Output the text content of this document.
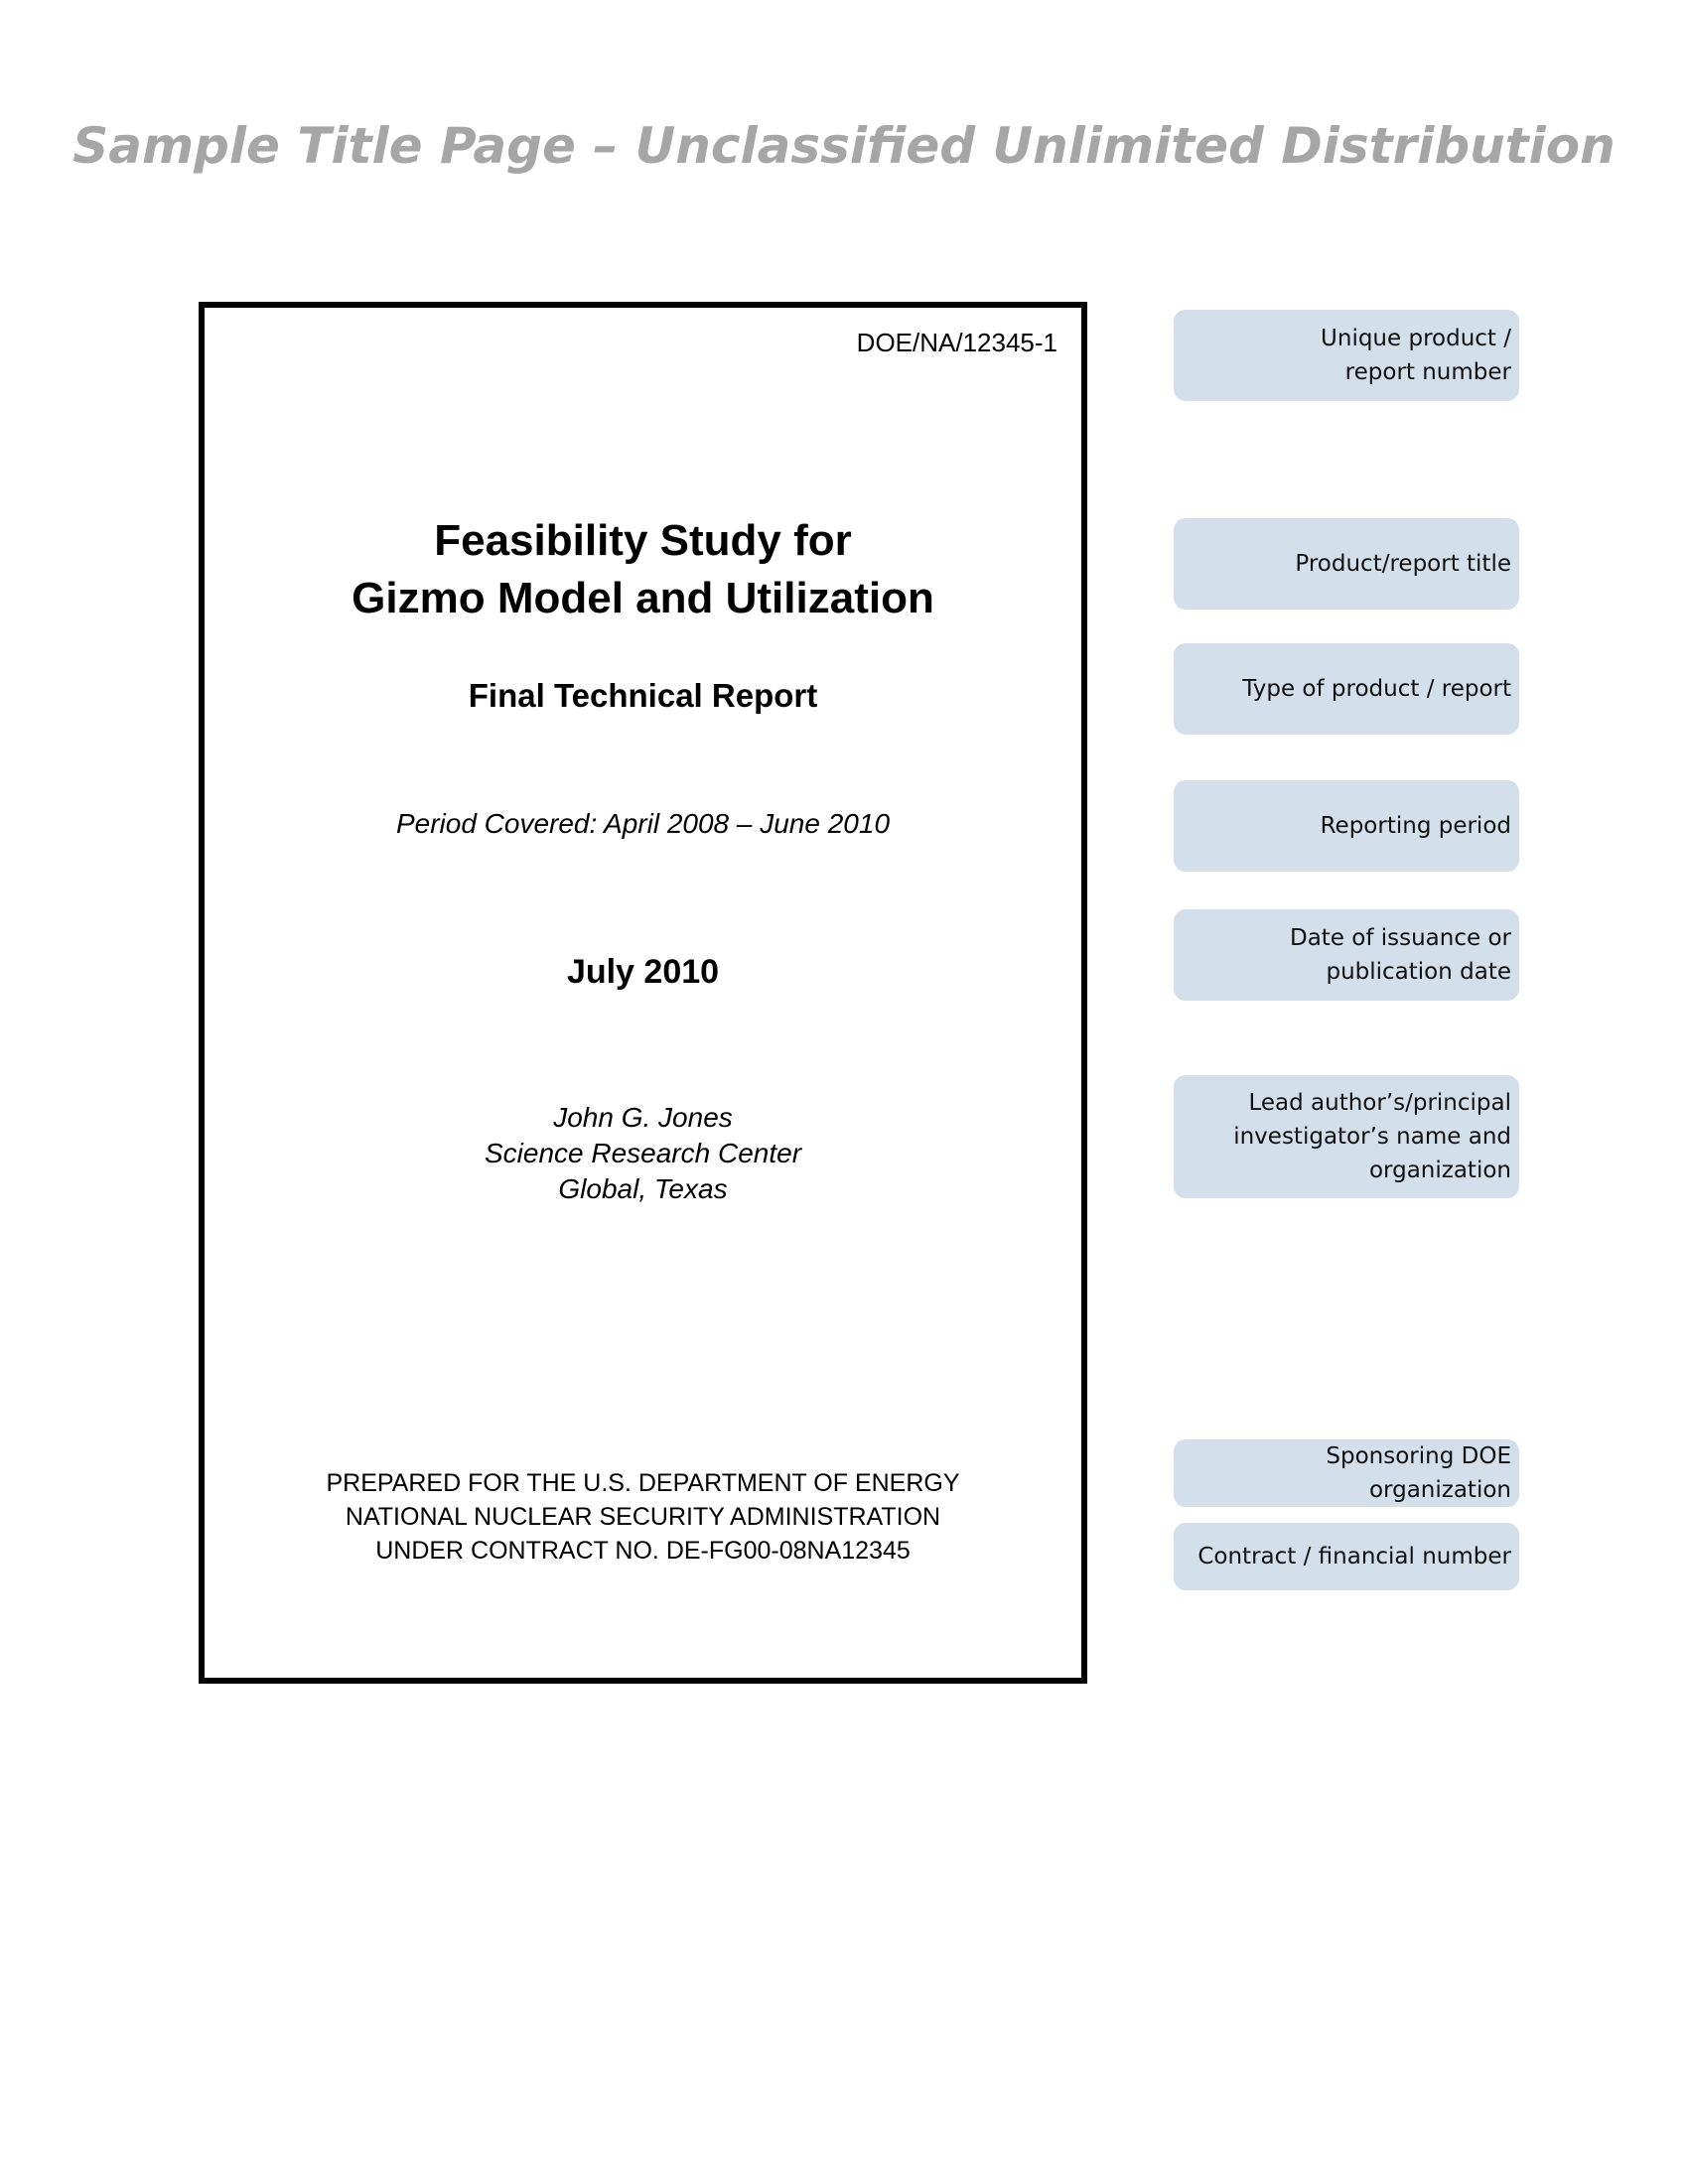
Sample Title Page – Unclassified Unlimited Distribution
DOE/NA/12345-1
Feasibility Study for
Gizmo Model and Utilization
Final Technical Report
Period Covered: April 2008 – June 2010
July 2010
John G. Jones
Science Research Center
Global, Texas
PREPARED FOR THE U.S. DEPARTMENT OF ENERGY
NATIONAL NUCLEAR SECURITY ADMINISTRATION
UNDER CONTRACT NO. DE-FG00-08NA12345
Unique product /
report number
Product/report title
Type of product / report
Reporting period
Date of issuance or
publication date
Lead author’s/principal
investigator’s name and
organization
Sponsoring DOE organization
Contract / financial number
